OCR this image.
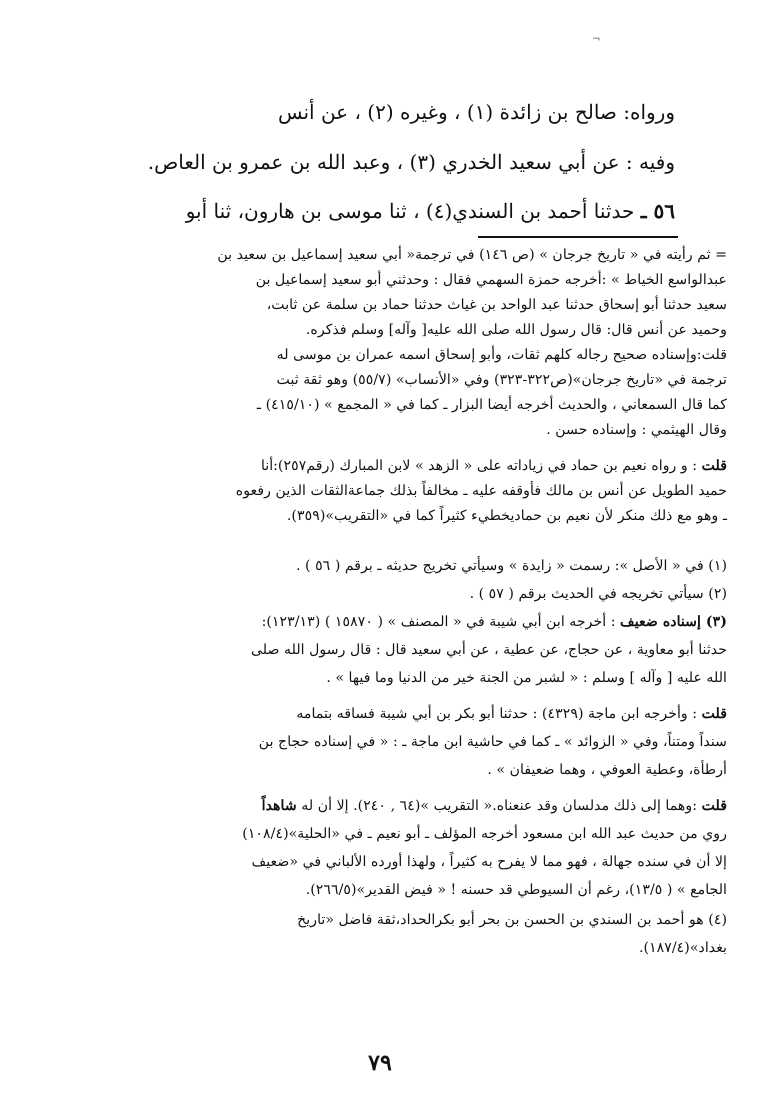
¬
ورواه: صالح بن زائدة (١) ، وغيره (٢) ، عن أنس
وفيه : عن أبي سعيد الخدري (٣) ، وعبد الله بن عمرو بن العاص.
٥٦ ـ حدثنا أحمد بن السندي(٤) ، ثنا موسى بن هارون، ثنا أبو
= ثم رأيته في « تاريخ جرجان » (ص ١٤٦) في ترجمة« أبي سعيد إسماعيل بن سعيد بن
عبدالواسع الخياط » :أخرجه حمزة السهمي فقال : وحدثني أبو سعيد إسماعيل بن
سعيد حدثنا أبو إسحاق حدثنا عبد الواحد بن غياث حدثنا حماد بن سلمة عن ثابت،
وحميد عن أنس قال: قال رسول الله صلى الله عليه[ وآله] وسلم فذكره.
قلت:وإسناده صحيح رجاله كلهم ثقات، وأبو إسحاق اسمه عمران بن موسى له
ترجمة في «تاريخ جرجان»(ص٣٢٢-٣٢٣) وفي «الأنساب» (٥٥/٧) وهو ثقة ثبت
كما قال السمعاني ، والحديث أخرجه أيضا البزار ـ كما في « المجمع » (٤١٥/١٠) ـ
وقال الهيثمي : وإسناده حسن .
قلت : و رواه نعيم بن حماد في زياداته على « الزهد » لابن المبارك (رقم٢٥٧):أنا
حميد الطويل عن أنس بن مالك فأوقفه عليه ـ مخالفاً بذلك جماعةالثقات الذين رفعوه
ـ وهو مع ذلك منكر لأن نعيم بن حماديخطيء كثيراً كما في «التقريب»(٣٥٩).
(١) في « الأصل »: رسمت « زايدة » وسيأتي تخريج حديثه ـ برقم ( ٥٦ ) .
(٢) سيأتي تخريجه في الحديث برقم ( ٥٧ ) .
(٣) إسناده ضعيف : أخرجه ابن أبي شيبة في « المصنف » ( ١٥٨٧٠ ) (١٢٣/١٣):
حدثنا أبو معاوية ، عن حجاج، عن عطية ، عن أبي سعيد قال : قال رسول الله صلى
الله عليه [ وآله ] وسلم : « لشبر من الجنة خير من الدنيا وما فيها » .
قلت : وأخرجه ابن ماجة (٤٣٢٩) : حدثنا أبو بكر بن أبي شيبة فساقه بتمامه
سنداً ومتناً، وفي « الزوائد » ـ كما في حاشية ابن ماجة ـ : « في إسناده حجاج بن
أرطأة، وعطية العوفي ، وهما ضعيفان » .
قلت :وهما إلى ذلك مدلسان وقد عنعناه.« التقريب »(٦٤ , ٢٤٠). إلا أن له شاهداً
روي من حديث عبد الله ابن مسعود أخرجه المؤلف ـ أبو نعيم ـ في «الحلية»(١٠٨/٤)
إلا أن في سنده جهالة ، فهو مما لا يفرح به كثيراً ، ولهذا أورده الألباني في «ضعيف
الجامع » ( ١٣/٥)، رغم أن السيوطي قد حسنه ! « فيض القدير»(٢٦٦/٥).
(٤) هو أحمد بن السندي بن الحسن بن بحر أبو بكرالحداد،ثقة فاضل «تاريخ
بغداد»(١٨٧/٤).
٧٩
